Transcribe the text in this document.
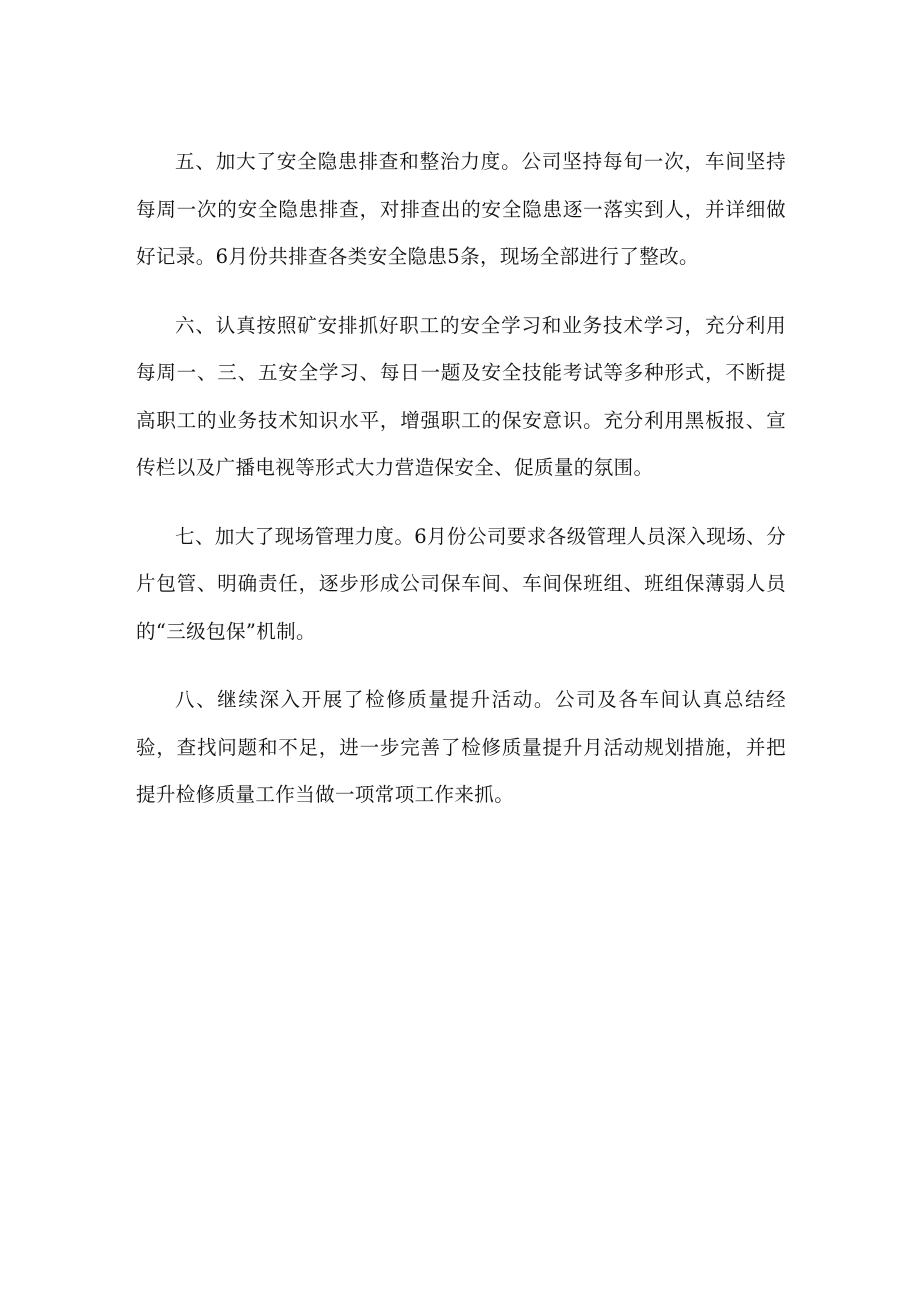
五、加大了安全隐患排查和整治力度。公司坚持每旬一次，车间坚持每周一次的安全隐患排查，对排查出的安全隐患逐一落实到人，并详细做好记录。6月份共排查各类安全隐患5条，现场全部进行了整改。

六、认真按照矿安排抓好职工的安全学习和业务技术学习，充分利用每周一、三、五安全学习、每日一题及安全技能考试等多种形式，不断提高职工的业务技术知识水平，增强职工的保安意识。充分利用黑板报、宣传栏以及广播电视等形式大力营造保安全、促质量的氛围。

七、加大了现场管理力度。6月份公司要求各级管理人员深入现场、分片包管、明确责任，逐步形成公司保车间、车间保班组、班组保薄弱人员的“三级包保”机制。

八、继续深入开展了检修质量提升活动。公司及各车间认真总结经验，查找问题和不足，进一步完善了检修质量提升月活动规划措施，并把提升检修质量工作当做一项常项工作来抓。
